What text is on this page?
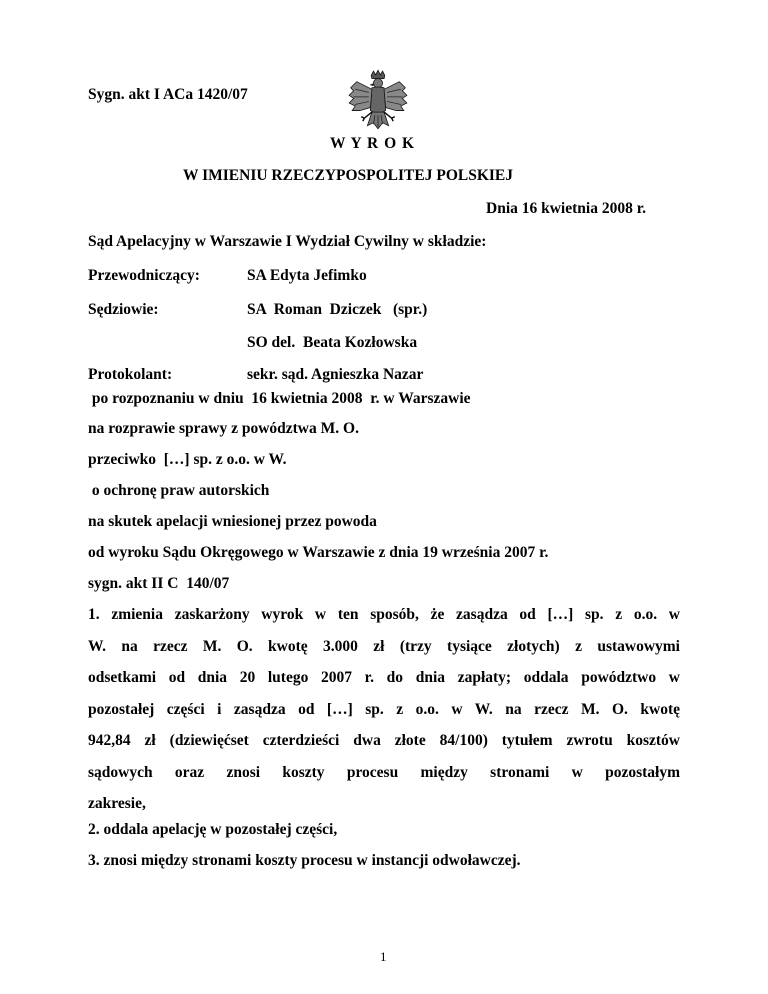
Sygn. akt I ACa 1420/07
W Y R O K
W IMIENIU RZECZYPOSPOLITEJ POLSKIEJ
Dnia 16 kwietnia 2008 r.
Sąd Apelacyjny w Warszawie I Wydział Cywilny w składzie:
Przewodniczący:	SA Edyta Jefimko
Sędziowie:	SA  Roman  Dziczek   (spr.)
SO del.  Beata Kozłowska
Protokolant:	sekr. sąd. Agnieszka Nazar
po rozpoznaniu w dniu  16 kwietnia 2008  r. w Warszawie
na rozprawie sprawy z powództwa M. O.
przeciwko  […] sp. z o.o. w W.
o ochronę praw autorskich
na skutek apelacji wniesionej przez powoda
od wyroku Sądu Okręgowego w Warszawie z dnia 19 września 2007 r.
sygn. akt II C  140/07
1. zmienia zaskarżony wyrok w ten sposób, że zasądza od […] sp. z o.o. w
W. na rzecz M. O. kwotę 3.000 zł (trzy tysiące złotych) z ustawowymi
odsetkami od dnia 20 lutego 2007 r. do dnia zapłaty; oddala powództwo w
pozostałej części i zasądza od […] sp. z o.o. w W. na rzecz M. O. kwotę
942,84 zł (dziewięćset czterdzieści dwa złote 84/100) tytułem zwrotu kosztów
sądowych oraz znosi koszty procesu między stronami w pozostałym
zakresie,
2. oddala apelację w pozostałej części,
3. znosi między stronami koszty procesu w instancji odwoławczej.
1
